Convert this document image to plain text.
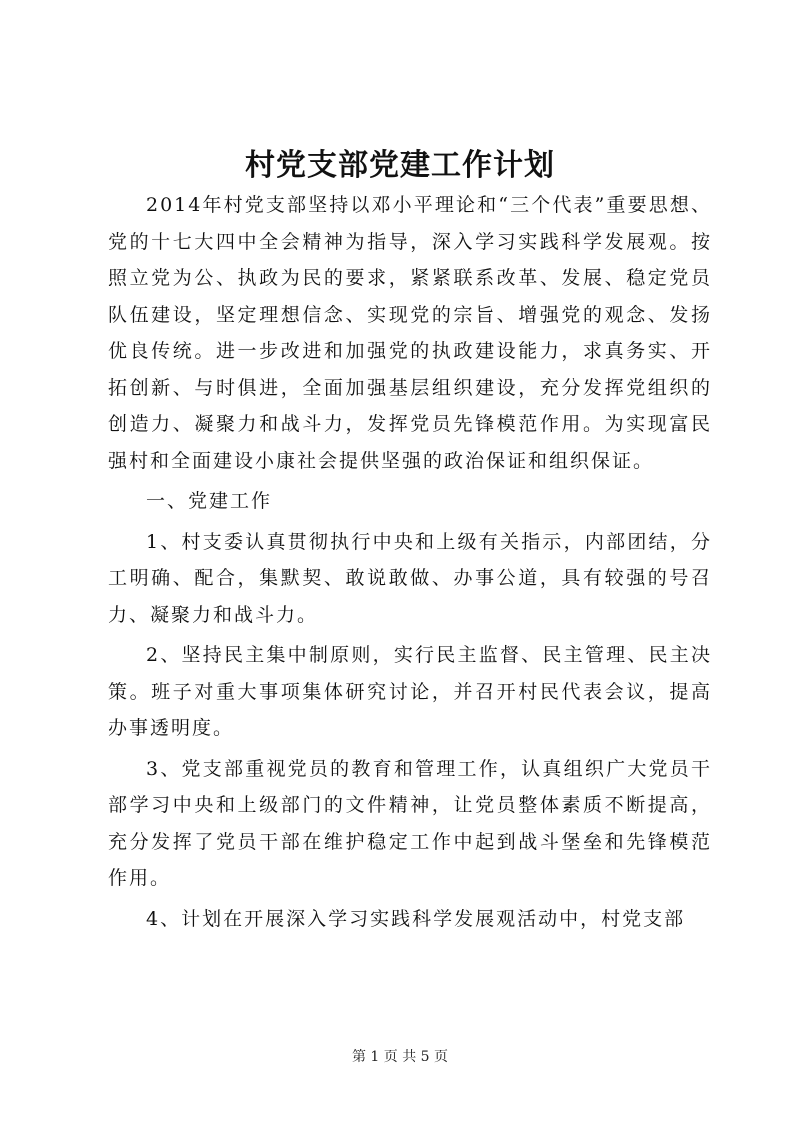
村党支部党建工作计划

2014年村党支部坚持以邓小平理论和“三个代表”重要思想、党的十七大四中全会精神为指导，深入学习实践科学发展观。按照立党为公、执政为民的要求，紧紧联系改革、发展、稳定党员队伍建设，坚定理想信念、实现党的宗旨、增强党的观念、发扬优良传统。进一步改进和加强党的执政建设能力，求真务实、开拓创新、与时俱进，全面加强基层组织建设，充分发挥党组织的创造力、凝聚力和战斗力，发挥党员先锋模范作用。为实现富民强村和全面建设小康社会提供坚强的政治保证和组织保证。

一、党建工作

1、村支委认真贯彻执行中央和上级有关指示，内部团结，分工明确、配合，集默契、敢说敢做、办事公道，具有较强的号召力、凝聚力和战斗力。

2、坚持民主集中制原则，实行民主监督、民主管理、民主决策。班子对重大事项集体研究讨论，并召开村民代表会议，提高办事透明度。

3、党支部重视党员的教育和管理工作，认真组织广大党员干部学习中央和上级部门的文件精神，让党员整体素质不断提高，充分发挥了党员干部在维护稳定工作中起到战斗堡垒和先锋模范作用。

4、计划在开展深入学习实践科学发展观活动中，村党支部

第 1 页 共 5 页
